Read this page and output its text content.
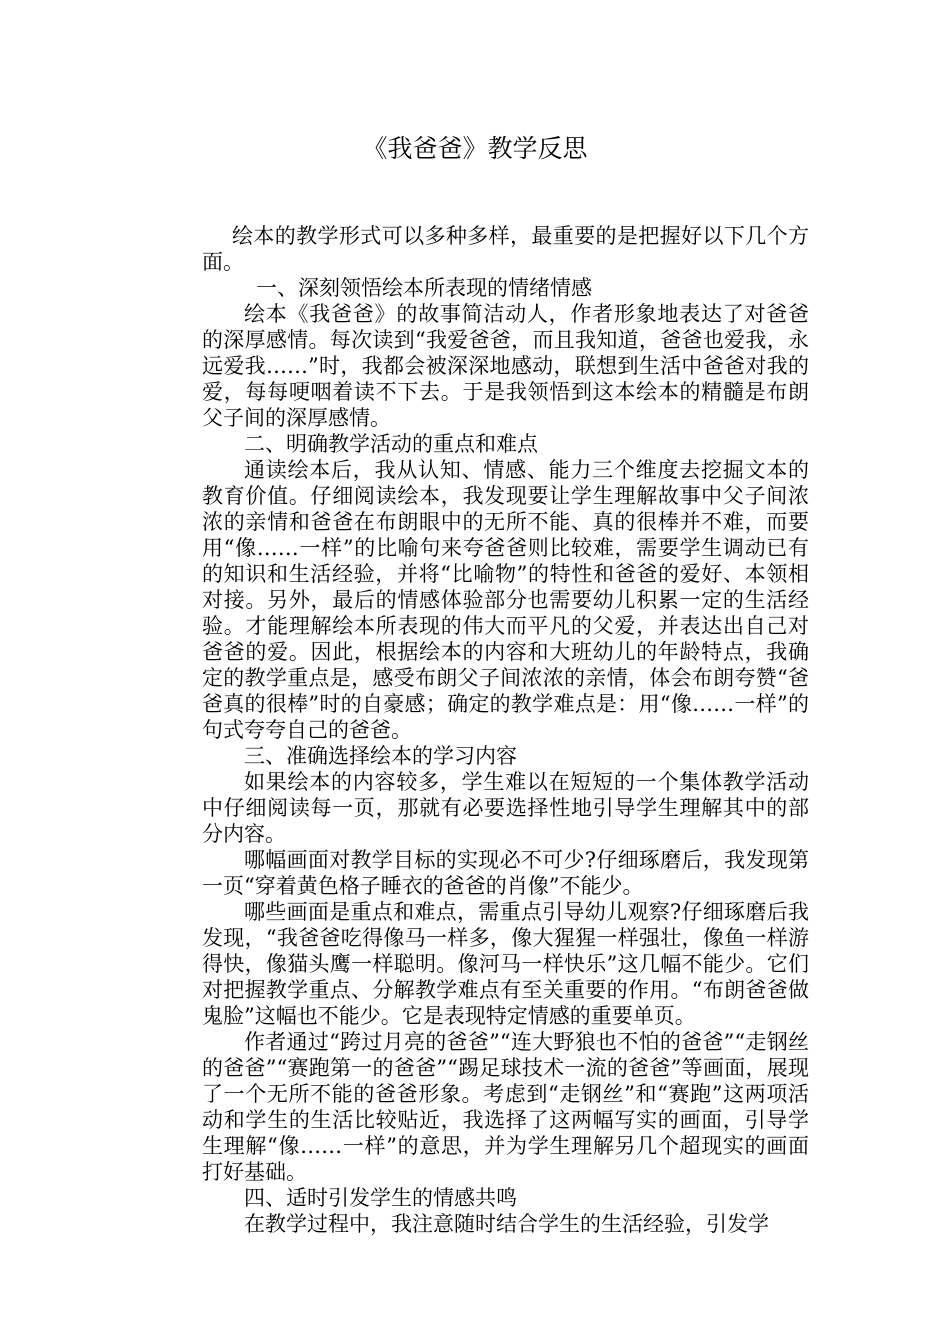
《我爸爸》教学反思

绘本的教学形式可以多种多样，最重要的是把握好以下几个方面。

一、深刻领悟绘本所表现的情绪情感

绘本《我爸爸》的故事简洁动人，作者形象地表达了对爸爸的深厚感情。每次读到“我爱爸爸，而且我知道，爸爸也爱我，永远爱我……”时，我都会被深深地感动，联想到生活中爸爸对我的爱，每每哽咽着读不下去。于是我领悟到这本绘本的精髓是布朗父子间的深厚感情。

二、明确教学活动的重点和难点

通读绘本后，我从认知、情感、能力三个维度去挖掘文本的教育价值。仔细阅读绘本，我发现要让学生理解故事中父子间浓浓的亲情和爸爸在布朗眼中的无所不能、真的很棒并不难，而要用“像……一样”的比喻句来夸爸爸则比较难，需要学生调动已有的知识和生活经验，并将“比喻物”的特性和爸爸的爱好、本领相对接。另外，最后的情感体验部分也需要幼儿积累一定的生活经验。才能理解绘本所表现的伟大而平凡的父爱，并表达出自己对爸爸的爱。因此，根据绘本的内容和大班幼儿的年龄特点，我确定的教学重点是，感受布朗父子间浓浓的亲情，体会布朗夸赞“爸爸真的很棒”时的自豪感；确定的教学难点是：用“像……一样”的句式夸夸自己的爸爸。

三、准确选择绘本的学习内容

如果绘本的内容较多，学生难以在短短的一个集体教学活动中仔细阅读每一页，那就有必要选择性地引导学生理解其中的部分内容。

哪幅画面对教学目标的实现必不可少?仔细琢磨后，我发现第一页“穿着黄色格子睡衣的爸爸的肖像”不能少。

哪些画面是重点和难点，需重点引导幼儿观察?仔细琢磨后我发现，“我爸爸吃得像马一样多，像大猩猩一样强壮，像鱼一样游得快，像猫头鹰一样聪明。像河马一样快乐”这几幅不能少。它们对把握教学重点、分解教学难点有至关重要的作用。“布朗爸爸做鬼脸”这幅也不能少。它是表现特定情感的重要单页。

作者通过“跨过月亮的爸爸”“连大野狼也不怕的爸爸”“走钢丝的爸爸”“赛跑第一的爸爸”“踢足球技术一流的爸爸”等画面，展现了一个无所不能的爸爸形象。考虑到“走钢丝”和“赛跑”这两项活动和学生的生活比较贴近，我选择了这两幅写实的画面，引导学生理解“像……一样”的意思，并为学生理解另几个超现实的画面打好基础。

四、适时引发学生的情感共鸣

在教学过程中，我注意随时结合学生的生活经验，引发学
